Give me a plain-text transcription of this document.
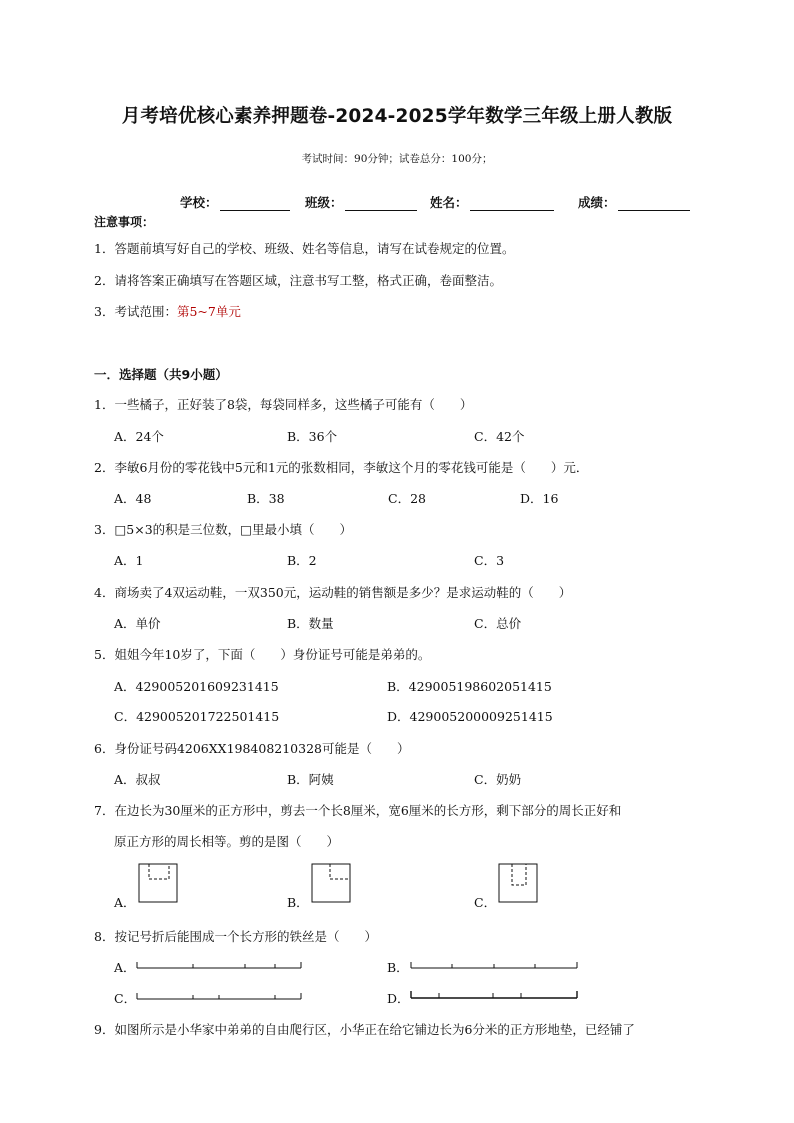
月考培优核心素养押题卷-2024-2025学年数学三年级上册人教版
考试时间：90分钟；试卷总分：100分；
学校：	班级：	姓名：	成绩：
注意事项：
1．答题前填写好自己的学校、班级、姓名等信息，请写在试卷规定的位置。
2．请将答案正确填写在答题区域，注意书写工整，格式正确，卷面整洁。
3．考试范围：第5~7单元
一．选择题（共9小题）
1．一些橘子，正好装了8袋，每袋同样多，这些橘子可能有（　　）
A．24个	B．36个	C．42个
2．李敏6月份的零花钱中5元和1元的张数相同，李敏这个月的零花钱可能是（　　）元．
A．48	B．38	C．28	D．16
3．□5×3的积是三位数，□里最小填（　　）
A．1	B．2	C．3
4．商场卖了4双运动鞋，一双350元，运动鞋的销售额是多少？是求运动鞋的（　　）
A．单价	B．数量	C．总价
5．姐姐今年10岁了，下面（　　）身份证号可能是弟弟的。
A．429005201609231415	B．429005198602051415
C．429005201722501415	D．429005200009251415
6．身份证号码4206XX198408210328可能是（　　）
A．叔叔	B．阿姨	C．奶奶
7．在边长为30厘米的正方形中，剪去一个长8厘米，宽6厘米的长方形，剩下部分的周长正好和
原正方形的周长相等。剪的是图（　　）
A．	B．	C．
8．按记号折后能围成一个长方形的铁丝是（　　）
A．	B．
C．	D．
9．如图所示是小华家中弟弟的自由爬行区，小华正在给它铺边长为6分米的正方形地垫，已经铺了
